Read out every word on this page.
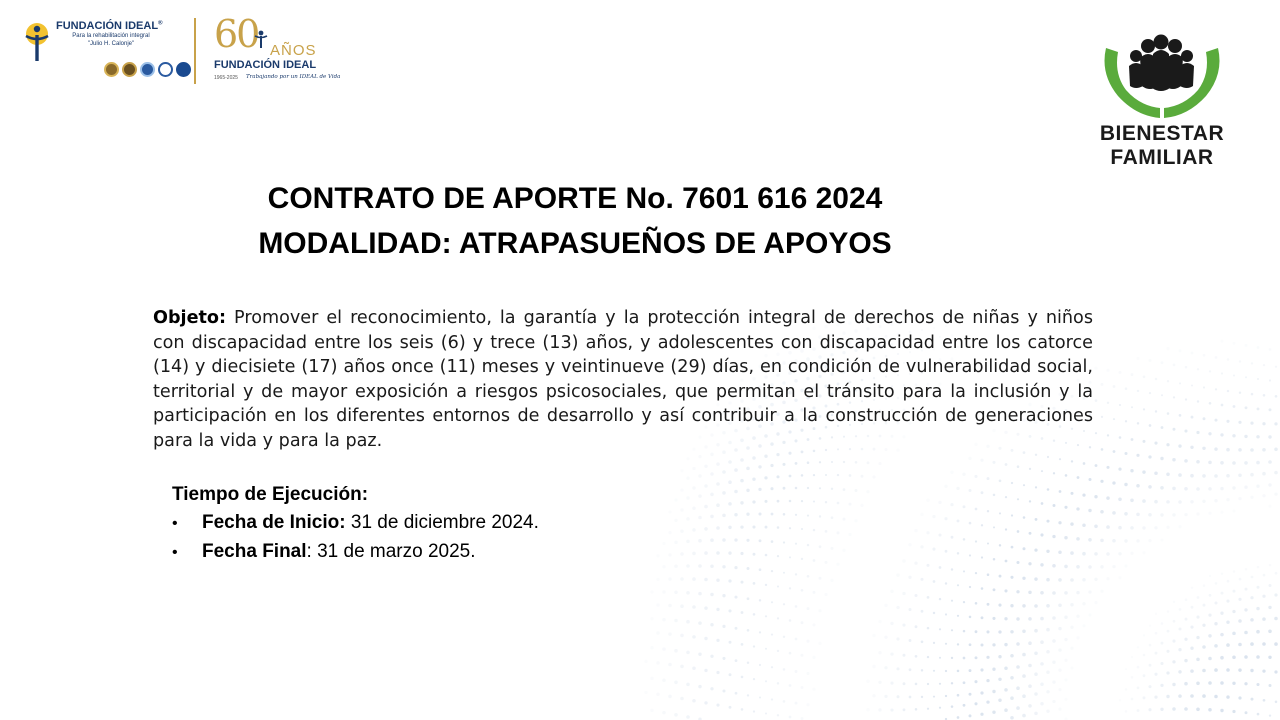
FUNDACIÓN IDEAL®
Para la rehabilitación integral
"Julio H. Calonje"	60 AÑOS
FUNDACIÓN IDEAL
1965-2025 Trabajando por un IDEAL de Vida
BIENESTAR
FAMILIAR
CONTRATO DE APORTE No. 7601 616 2024
MODALIDAD: ATRAPASUEÑOS DE APOYOS
Objeto: Promover el reconocimiento, la garantía y la protección integral de derechos de niñas y niños con discapacidad entre los seis (6) y trece (13) años, y adolescentes con discapacidad entre los catorce (14) y diecisiete (17) años once (11) meses y veintinueve (29) días, en condición de vulnerabilidad social, territorial y de mayor exposición a riesgos psicosociales, que permitan el tránsito para la inclusión y la participación en los diferentes entornos de desarrollo y así contribuir a la construcción de generaciones para la vida y para la paz.
Tiempo de Ejecución:
•	Fecha de Inicio: 31 de diciembre 2024.
•	Fecha Final: 31 de marzo 2025.
